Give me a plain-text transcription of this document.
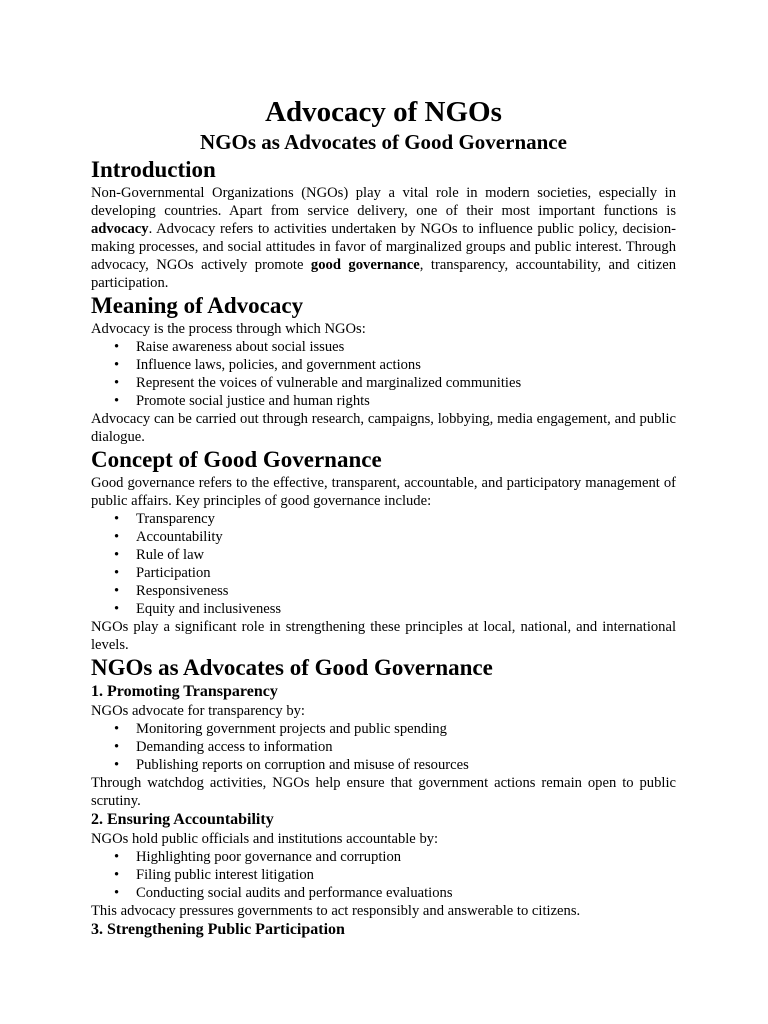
Advocacy of NGOs
NGOs as Advocates of Good Governance
Introduction

Non-Governmental Organizations (NGOs) play a vital role in modern societies, especially in developing countries. Apart from service delivery, one of their most important functions is advocacy. Advocacy refers to activities undertaken by NGOs to influence public policy, decision-making processes, and social attitudes in favor of marginalized groups and public interest. Through advocacy, NGOs actively promote good governance, transparency, accountability, and citizen participation.

Meaning of Advocacy

Advocacy is the process through which NGOs:

• Raise awareness about social issues
• Influence laws, policies, and government actions
• Represent the voices of vulnerable and marginalized communities
• Promote social justice and human rights

Advocacy can be carried out through research, campaigns, lobbying, media engagement, and public dialogue.

Concept of Good Governance

Good governance refers to the effective, transparent, accountable, and participatory management of public affairs. Key principles of good governance include:

• Transparency
• Accountability
• Rule of law
• Participation
• Responsiveness
• Equity and inclusiveness

NGOs play a significant role in strengthening these principles at local, national, and international levels.

NGOs as Advocates of Good Governance
1. Promoting Transparency

NGOs advocate for transparency by:

• Monitoring government projects and public spending
• Demanding access to information
• Publishing reports on corruption and misuse of resources

Through watchdog activities, NGOs help ensure that government actions remain open to public scrutiny.

2. Ensuring Accountability

NGOs hold public officials and institutions accountable by:

• Highlighting poor governance and corruption
• Filing public interest litigation
• Conducting social audits and performance evaluations

This advocacy pressures governments to act responsibly and answerable to citizens.

3. Strengthening Public Participation
